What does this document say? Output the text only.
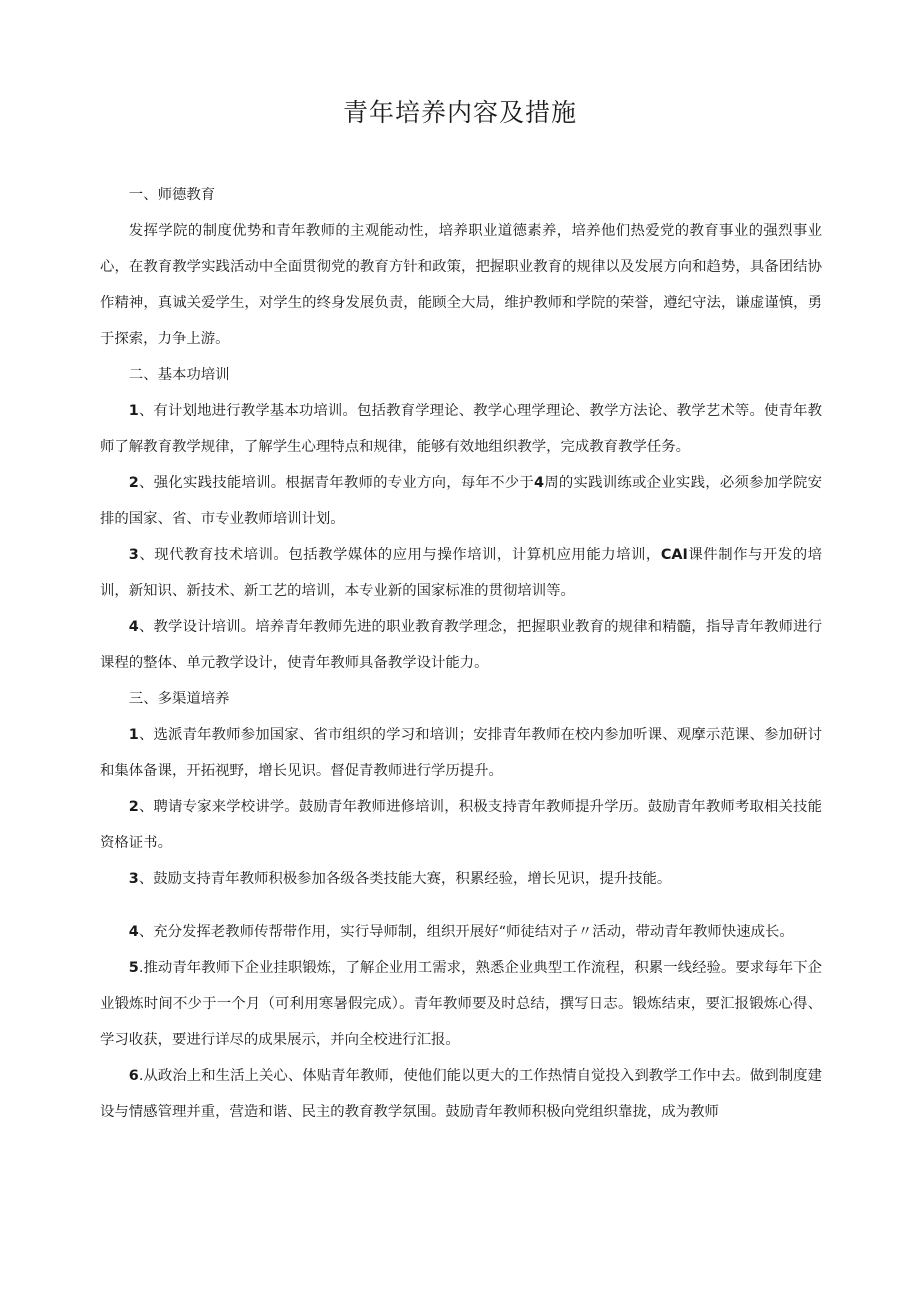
青年培养内容及措施

一、师德教育

发挥学院的制度优势和青年教师的主观能动性，培养职业道德素养，培养他们热爱党的教育事业的强烈事业心，在教育教学实践活动中全面贯彻党的教育方针和政策，把握职业教育的规律以及发展方向和趋势，具备团结协作精神，真诚关爱学生，对学生的终身发展负责，能顾全大局，维护教师和学院的荣誉，遵纪守法，谦虚谨慎，勇于探索，力争上游。

二、基本功培训

1、有计划地进行教学基本功培训。包括教育学理论、教学心理学理论、教学方法论、教学艺术等。使青年教师了解教育教学规律，了解学生心理特点和规律，能够有效地组织教学，完成教育教学任务。

2、强化实践技能培训。根据青年教师的专业方向，每年不少于4周的实践训练或企业实践，必须参加学院安排的国家、省、市专业教师培训计划。

3、现代教育技术培训。包括教学媒体的应用与操作培训，计算机应用能力培训，CAI课件制作与开发的培训，新知识、新技术、新工艺的培训，本专业新的国家标准的贯彻培训等。

4、教学设计培训。培养青年教师先进的职业教育教学理念，把握职业教育的规律和精髓，指导青年教师进行课程的整体、单元教学设计，使青年教师具备教学设计能力。

三、多渠道培养

1、选派青年教师参加国家、省市组织的学习和培训；安排青年教师在校内参加听课、观摩示范课、参加研讨和集体备课，开拓视野，增长见识。督促青教师进行学历提升。

2、聘请专家来学校讲学。鼓励青年教师进修培训，积极支持青年教师提升学历。鼓励青年教师考取相关技能资格证书。

3、鼓励支持青年教师积极参加各级各类技能大赛，积累经验，增长见识，提升技能。

4、充分发挥老教师传帮带作用，实行导师制，组织开展好“师徒结对子〃活动，带动青年教师快速成长。

5.推动青年教师下企业挂职锻炼，了解企业用工需求，熟悉企业典型工作流程，积累一线经验。要求每年下企业锻炼时间不少于一个月（可利用寒暑假完成）。青年教师要及时总结，撰写日志。锻炼结束，要汇报锻炼心得、学习收获，要进行详尽的成果展示，并向全校进行汇报。

6.从政治上和生活上关心、体贴青年教师，使他们能以更大的工作热情自觉投入到教学工作中去。做到制度建设与情感管理并重，营造和谐、民主的教育教学氛围。鼓励青年教师积极向党组织靠拢，成为教师
